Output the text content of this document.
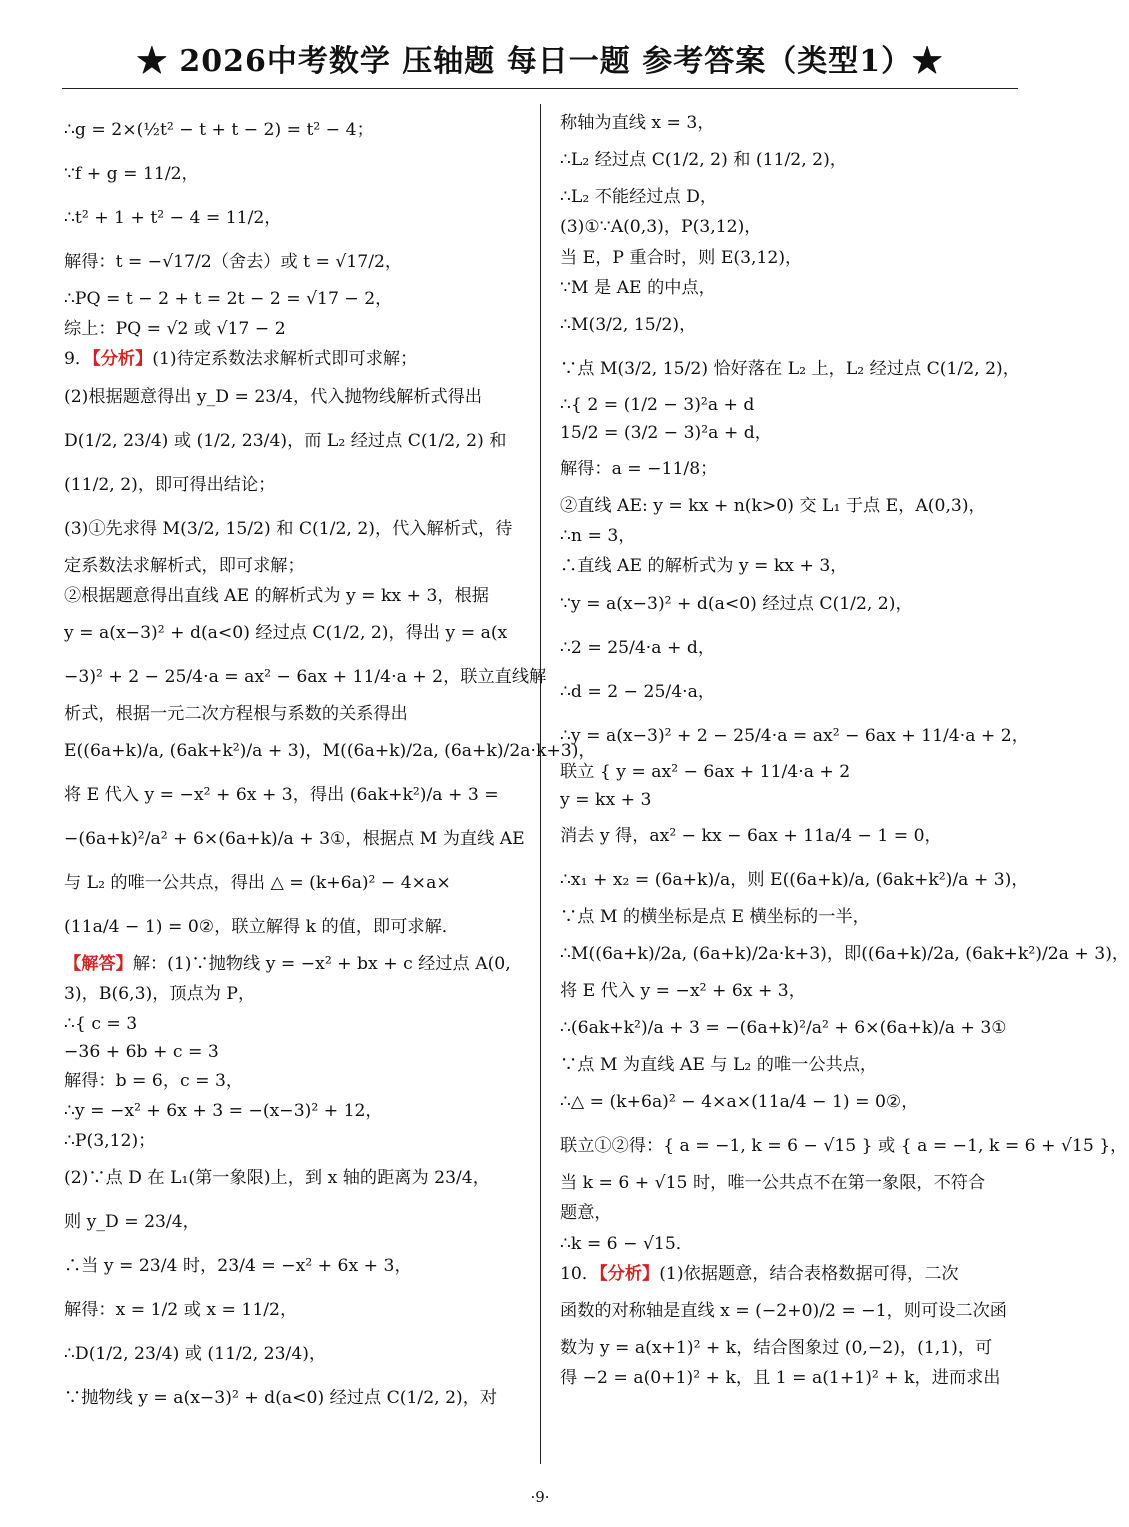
★ 2026中考数学 压轴题 每日一题 参考答案（类型1）★
∴g = 2×(½t² − t + t − 2) = t² − 4；
∵f + g = 11/2，
∴t² + 1 + t² − 4 = 11/2，
解得：t = −√17/2（舍去）或 t = √17/2，
∴PQ = t − 2 + t = 2t − 2 = √17 − 2，
综上：PQ = √2 或 √17 − 2
9．【分析】(1)待定系数法求解析式即可求解；
(2)根据题意得出 y_D = 23/4，代入抛物线解析式得出
D(1/2, 23/4) 或 (1/2, 23/4)，而 L₂ 经过点 C(1/2, 2) 和
(11/2, 2)，即可得出结论；
(3)①先求得 M(3/2, 15/2) 和 C(1/2, 2)，代入解析式，待
定系数法求解析式，即可求解；
②根据题意得出直线 AE 的解析式为 y = kx + 3，根据
y = a(x−3)² + d(a<0) 经过点 C(1/2, 2)，得出 y = a(x
−3)² + 2 − 25/4·a = ax² − 6ax + 11/4·a + 2，联立直线解
析式，根据一元二次方程根与系数的关系得出
E((6a+k)/a, (6ak+k²)/a + 3)，M((6a+k)/2a, (6a+k)/2a·k+3)，
将 E 代入 y = −x² + 6x + 3，得出 (6ak+k²)/a + 3 =
−(6a+k)²/a² + 6×(6a+k)/a + 3①，根据点 M 为直线 AE
与 L₂ 的唯一公共点，得出 △ = (k+6a)² − 4×a×
(11a/4 − 1) = 0②，联立解得 k 的值，即可求解．
【解答】解：(1)∵抛物线 y = −x² + bx + c 经过点 A(0,
3)，B(6,3)，顶点为 P，
∴{ c = 3
−36 + 6b + c = 3
解得：b = 6，c = 3，
∴y = −x² + 6x + 3 = −(x−3)² + 12，
∴P(3,12)；
(2)∵点 D 在 L₁(第一象限)上，到 x 轴的距离为 23/4，
则 y_D = 23/4，
∴当 y = 23/4 时，23/4 = −x² + 6x + 3，
解得：x = 1/2 或 x = 11/2，
∴D(1/2, 23/4) 或 (11/2, 23/4)，
∵抛物线 y = a(x−3)² + d(a<0) 经过点 C(1/2, 2)，对
称轴为直线 x = 3，
∴L₂ 经过点 C(1/2, 2) 和 (11/2, 2)，
∴L₂ 不能经过点 D，
(3)①∵A(0,3)，P(3,12)，
当 E，P 重合时，则 E(3,12)，
∵M 是 AE 的中点，
∴M(3/2, 15/2)，
∵点 M(3/2, 15/2) 恰好落在 L₂ 上，L₂ 经过点 C(1/2, 2)，
∴{ 2 = (1/2 − 3)²a + d
15/2 = (3/2 − 3)²a + d，
解得：a = −11/8；
②直线 AE: y = kx + n(k>0) 交 L₁ 于点 E，A(0,3)，
∴n = 3，
∴直线 AE 的解析式为 y = kx + 3，
∵y = a(x−3)² + d(a<0) 经过点 C(1/2, 2)，
∴2 = 25/4·a + d，
∴d = 2 − 25/4·a，
∴y = a(x−3)² + 2 − 25/4·a = ax² − 6ax + 11/4·a + 2，
联立 { y = ax² − 6ax + 11/4·a + 2
y = kx + 3
消去 y 得，ax² − kx − 6ax + 11a/4 − 1 = 0，
∴x₁ + x₂ = (6a+k)/a，则 E((6a+k)/a, (6ak+k²)/a + 3)，
∵点 M 的横坐标是点 E 横坐标的一半，
∴M((6a+k)/2a, (6a+k)/2a·k+3)，即((6a+k)/2a, (6ak+k²)/2a + 3)，
将 E 代入 y = −x² + 6x + 3，
∴(6ak+k²)/a + 3 = −(6a+k)²/a² + 6×(6a+k)/a + 3①
∵点 M 为直线 AE 与 L₂ 的唯一公共点，
∴△ = (k+6a)² − 4×a×(11a/4 − 1) = 0②，
联立①②得：{ a = −1, k = 6 − √15 } 或 { a = −1, k = 6 + √15 }，
当 k = 6 + √15 时，唯一公共点不在第一象限，不符合
题意，
∴k = 6 − √15．
10．【分析】(1)依据题意，结合表格数据可得，二次
函数的对称轴是直线 x = (−2+0)/2 = −1，则可设二次函
数为 y = a(x+1)² + k，结合图象过 (0,−2)，(1,1)，可
得 −2 = a(0+1)² + k，且 1 = a(1+1)² + k，进而求出
·9·
